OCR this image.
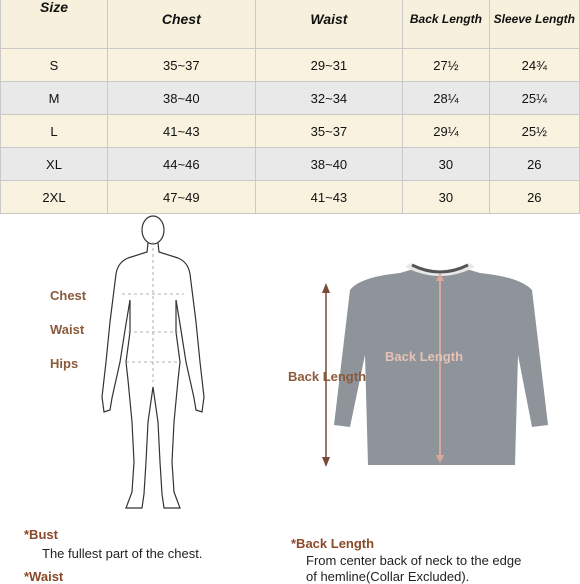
Size	Chest	Waist	Back Length	Sleeve Length
S	35~37	29~31	27½	24¾
M	38~40	32~34	28¼	25¼
L	41~43	35~37	29¼	25½
XL	44~46	38~40	30	26
2XL	47~49	41~43	30	26
Chest
Waist
Hips
Back Length
Back Length
*Bust
The fullest part of the chest.
*Waist
*Back Length
From center back of neck to the edge
of hemline(Collar Excluded).
